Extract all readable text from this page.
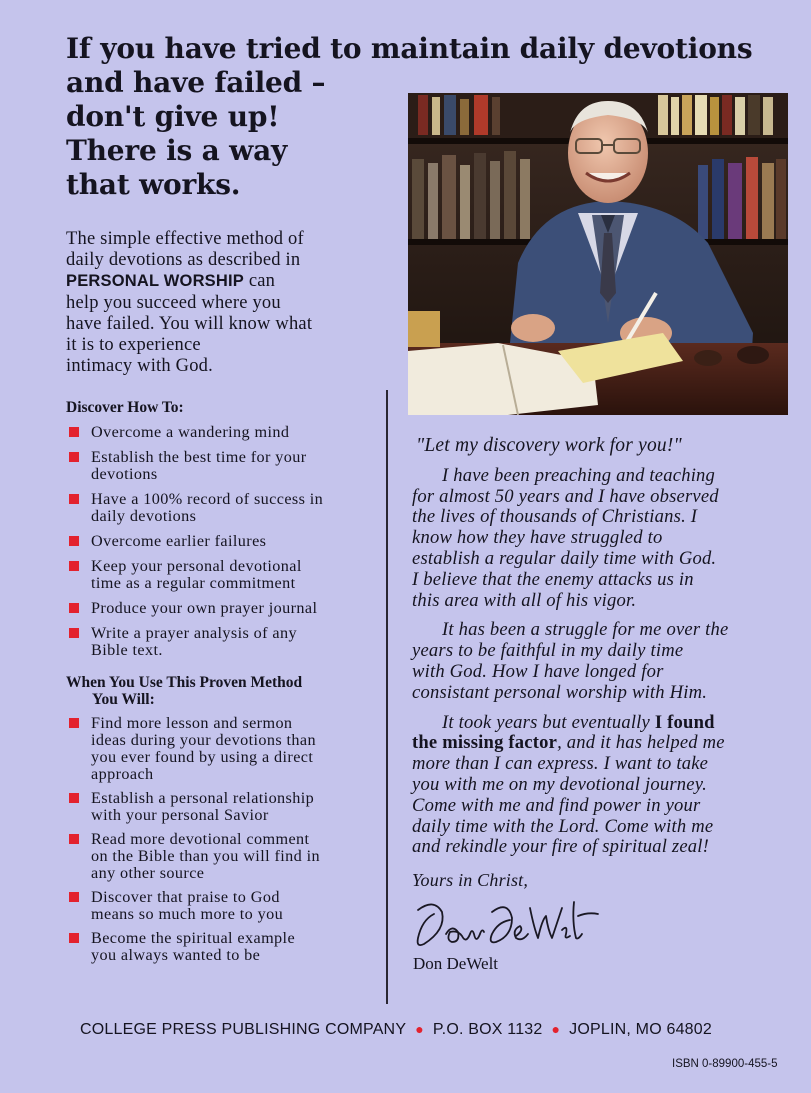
If you have tried to maintain daily devotions
and have failed –
don't give up!
There is a way
that works.
The simple effective method of
daily devotions as described in
PERSONAL WORSHIP can
help you succeed where you
have failed. You will know what
it is to experience
intimacy with God.
Discover How To:
Overcome a wandering mind
Establish the best time for your
devotions
Have a 100% record of success in
daily devotions
Overcome earlier failures
Keep your personal devotional
time as a regular commitment
Produce your own prayer journal
Write a prayer analysis of any
Bible text.
When You Use This Proven Method
You Will:
Find more lesson and sermon
ideas during your devotions than
you ever found by using a direct
approach
Establish a personal relationship
with your personal Savior
Read more devotional comment
on the Bible than you will find in
any other source
Discover that praise to God
means so much more to you
Become the spiritual example
you always wanted to be
"Let my discovery work for you!"
I have been preaching and teaching
for almost 50 years and I have observed
the lives of thousands of Christians. I
know how they have struggled to
establish a regular daily time with God.
I believe that the enemy attacks us in
this area with all of his vigor.
It has been a struggle for me over the
years to be faithful in my daily time
with God. How I have longed for
consistant personal worship with Him.
It took years but eventually I found
the missing factor, and it has helped me
more than I can express. I want to take
you with me on my devotional journey.
Come with me and find power in your
daily time with the Lord. Come with me
and rekindle your fire of spiritual zeal!
Yours in Christ,
Don DeWelt
COLLEGE PRESS PUBLISHING COMPANY ● P.O. BOX 1132 ● JOPLIN, MO 64802
ISBN 0-89900-455-5
